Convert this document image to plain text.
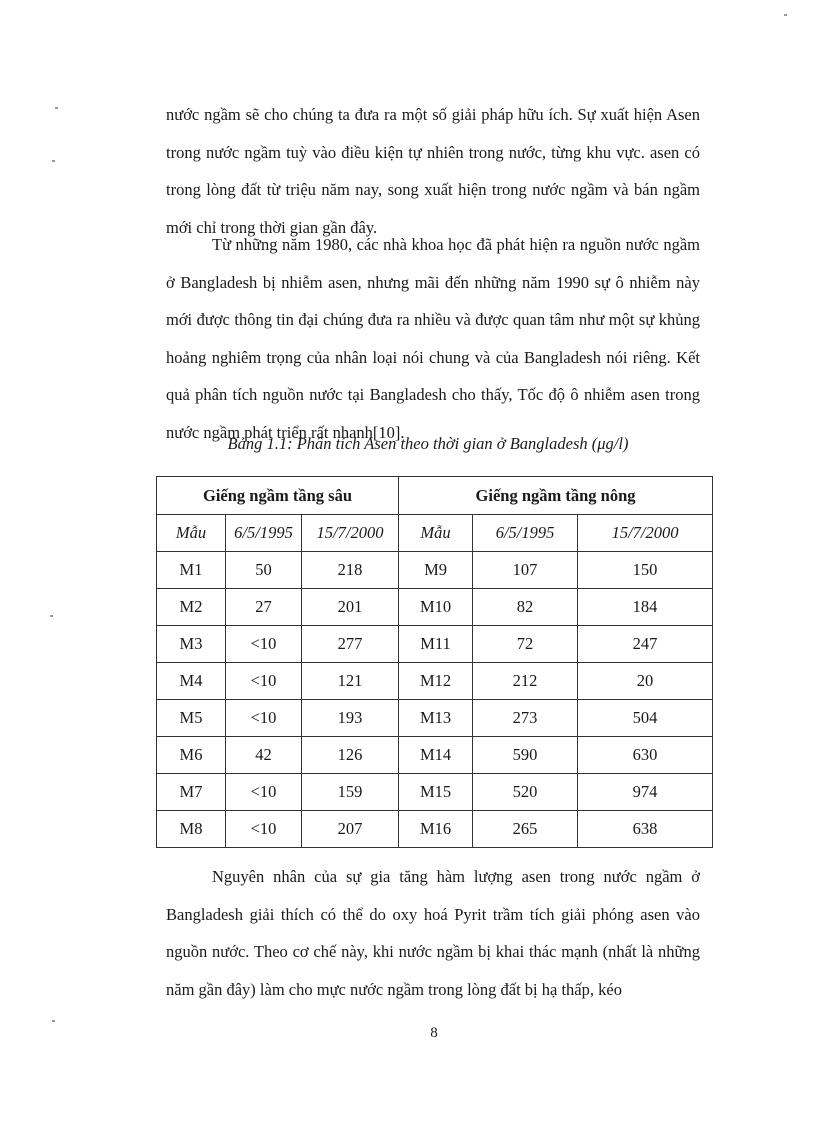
nước ngầm sẽ cho chúng ta đưa ra một số giải pháp hữu ích. Sự xuất hiện Asen trong nước ngầm tuỳ vào điều kiện tự nhiên trong nước, từng khu vực. asen có trong lòng đất từ triệu năm nay, song xuất hiện trong nước ngầm và bán ngầm mới chỉ trong thời gian gần đây.

Từ những năm 1980, các nhà khoa học đã phát hiện ra nguồn nước ngầm ở Bangladesh bị nhiễm asen, nhưng mãi đến những năm 1990 sự ô nhiễm này mới được thông tin đại chúng đưa ra nhiều và được quan tâm như một sự khủng hoảng nghiêm trọng của nhân loại nói chung và của Bangladesh nói riêng. Kết quả phân tích nguồn nước tại Bangladesh cho thấy, Tốc độ ô nhiễm asen trong nước ngầm phát triển rất nhanh[10].

Bảng 1.1: Phân tích Asen theo thời gian ở Bangladesh (μg/l)

Giếng ngầm tầng sâu			Giếng ngầm tầng nông		
Mẫu	6/5/1995	15/7/2000	Mẫu	6/5/1995	15/7/2000
M1	50	218	M9	107	150
M2	27	201	M10	82	184
M3	<10	277	M11	72	247
M4	<10	121	M12	212	20
M5	<10	193	M13	273	504
M6	42	126	M14	590	630
M7	<10	159	M15	520	974
M8	<10	207	M16	265	638

Nguyên nhân của sự gia tăng hàm lượng asen trong nước ngầm ở Bangladesh giải thích có thể do oxy hoá Pyrit trầm tích giải phóng asen vào nguồn nước. Theo cơ chế này, khi nước ngầm bị khai thác mạnh (nhất là những năm gần đây) làm cho mực nước ngầm trong lòng đất bị hạ thấp, kéo

8
